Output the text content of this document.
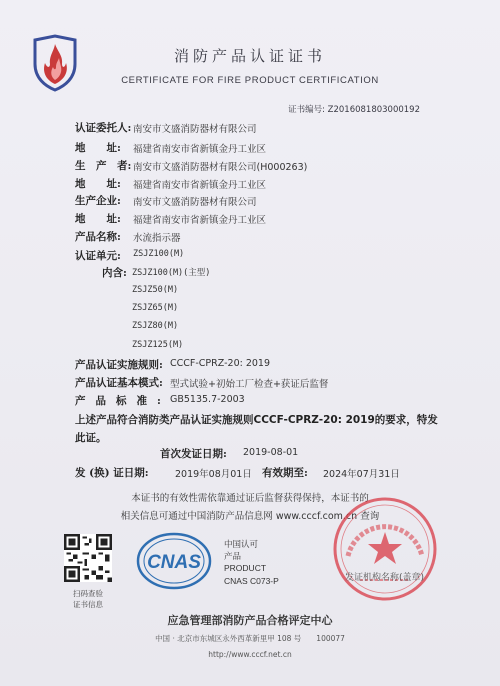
消防产品认证证书
CERTIFICATE FOR FIRE PRODUCT CERTIFICATION
证书编号: Z2016081803000192
认证委托人: 南安市文盛消防器材有限公司
地　　址: 福建省南安市省新镇金丹工业区
生　产　者: 南安市文盛消防器材有限公司(H000263)
地　　址: 福建省南安市省新镇金丹工业区
生产企业: 南安市文盛消防器材有限公司
地　　址: 福建省南安市省新镇金丹工业区
产品名称: 水流指示器
认证单元: ZSJZ100(M)
内含: ZSJZ100(M)(主型)
ZSJZ50(M)
ZSJZ65(M)
ZSJZ80(M)
ZSJZ125(M)
产品认证实施规则: CCCF-CPRZ-20: 2019
产品认证基本模式: 型式试验+初始工厂检查+获证后监督
产品标准: GB5135.7-2003
上述产品符合消防类产品认证实施规则CCCF-CPRZ-20: 2019的要求，特发
此证。
首次发证日期: 2019-08-01
发 (换) 证日期:	2019年08月01日 有效期至: 2024年07月31日
本证书的有效性需依靠通过证后监督获得保持，本证书的
相关信息可通过中国消防产品信息网 www.cccf.com.cn 查询
扫码查验
证书信息
CNAS
中国认可
产品
PRODUCT
CNAS C073-P	发证机构名称(盖章)
应急管理部消防产品合格评定中心
中国 · 北京市东城区永外西革新里甲 108 号　　100077
http://www.cccf.net.cn
